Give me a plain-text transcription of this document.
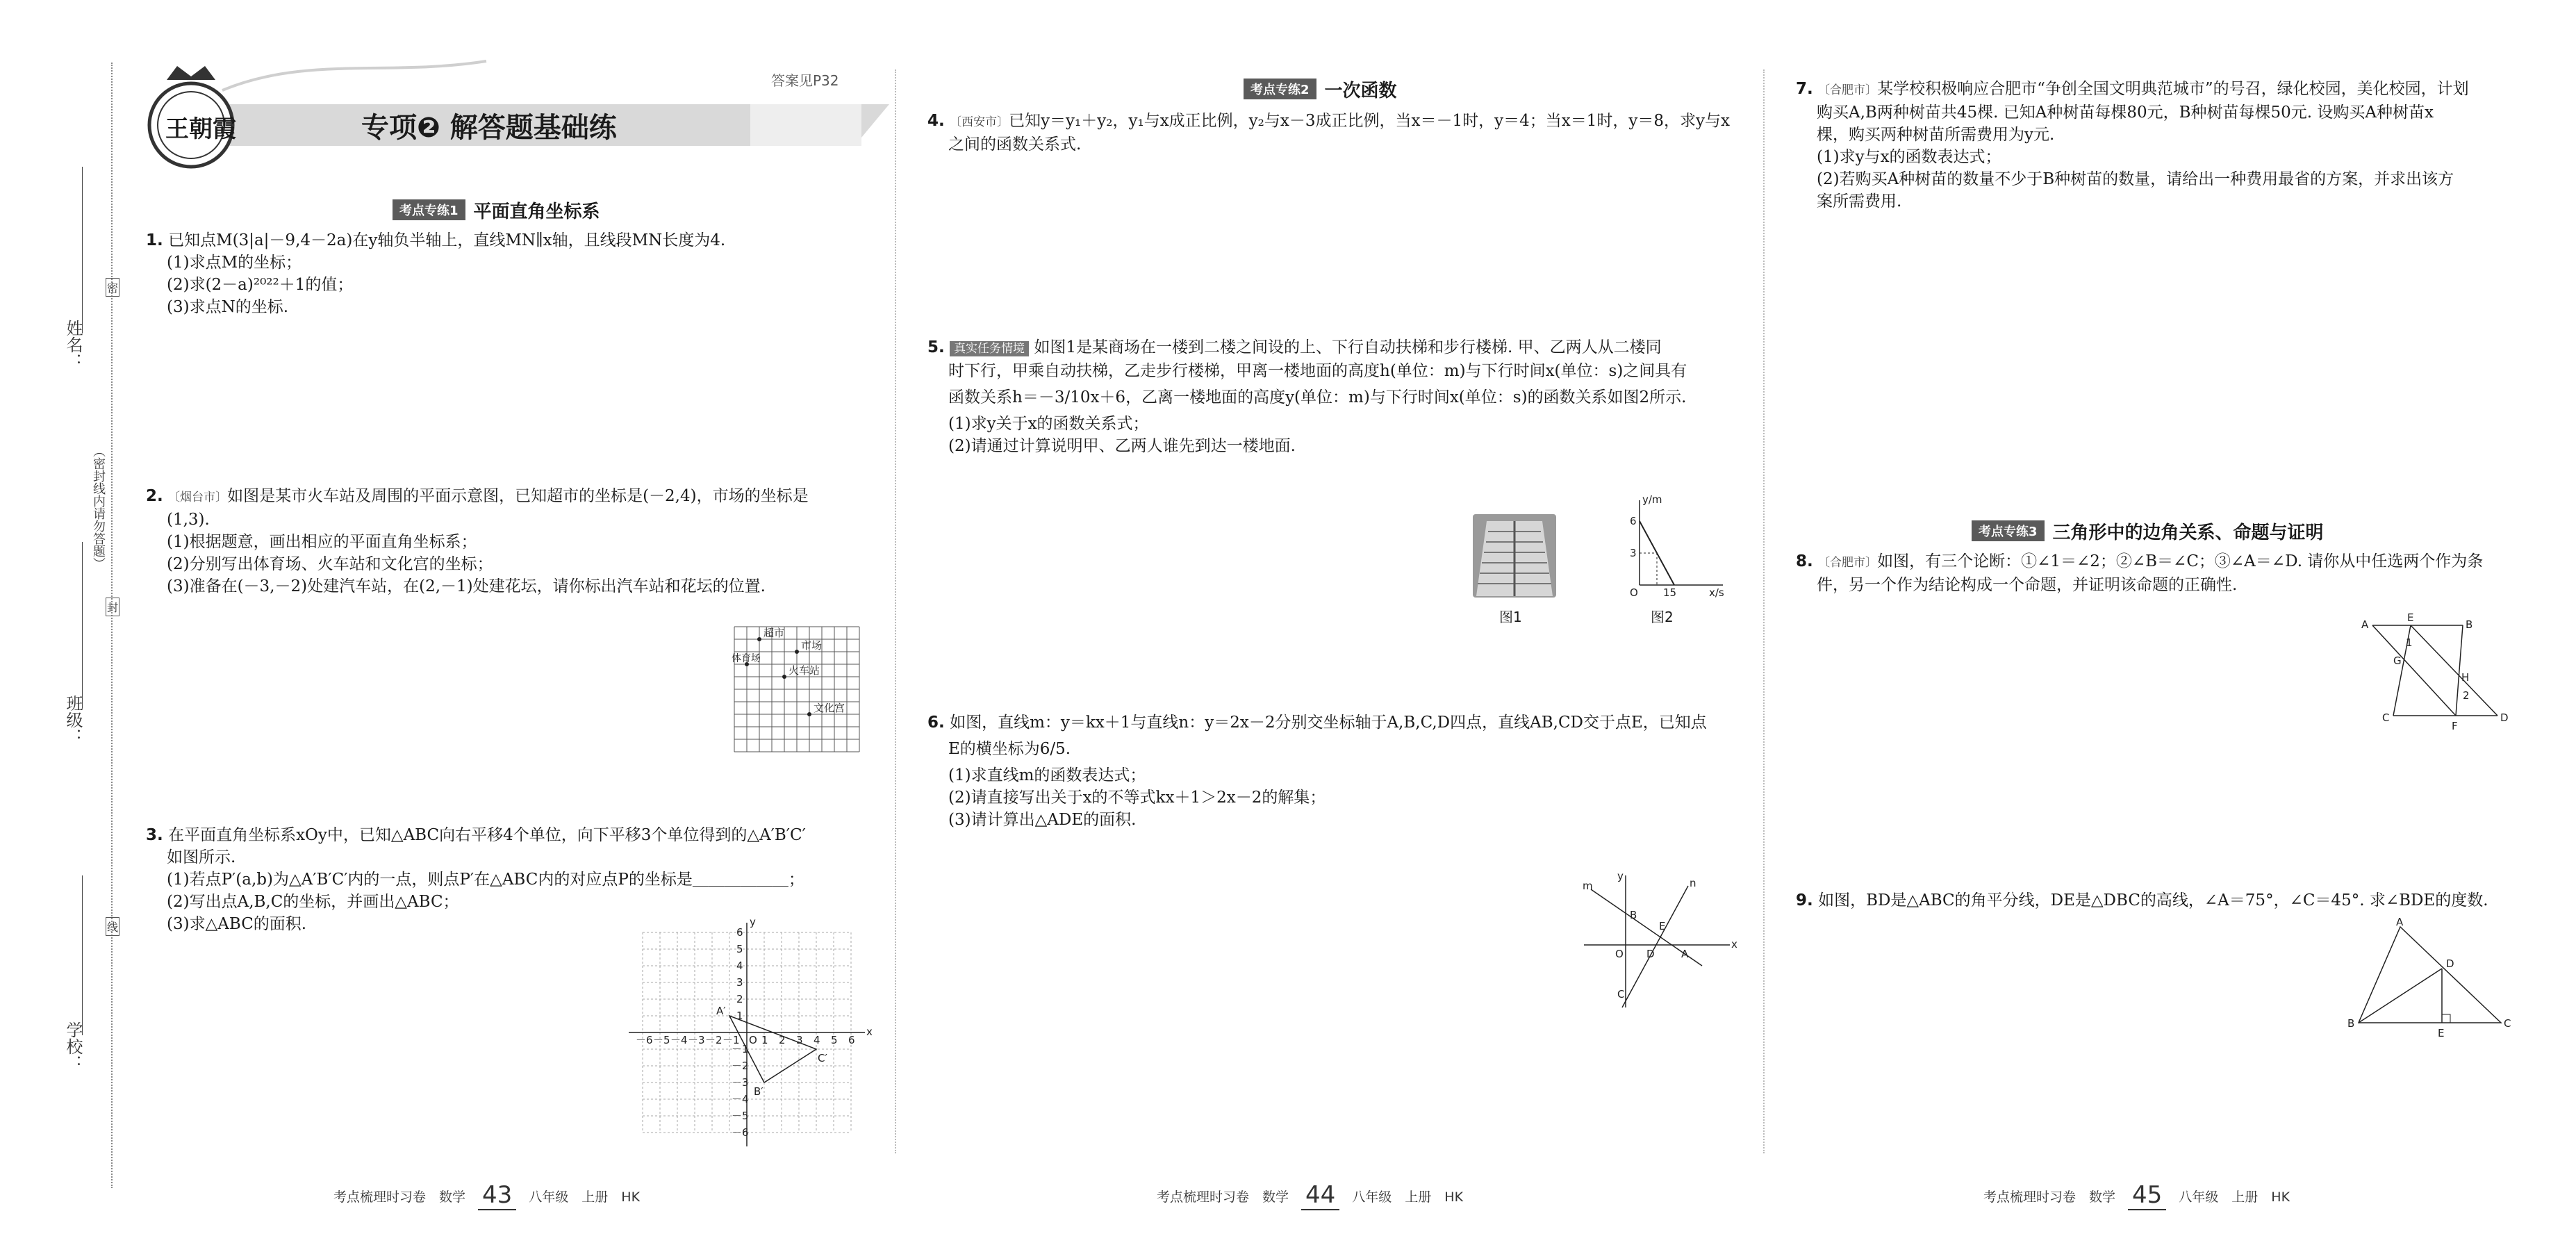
姓名：
班级：
学校：
（密封线内请勿答题）
密
封
线
王朝霞
答案见P32
专项❷ 解答题基础练
考点专练1 平面直角坐标系
1. 已知点M(3|a|－9,4－2a)在y轴负半轴上，直线MN∥x轴，且线段MN长度为4.
(1)求点M的坐标；
(2)求(2－a)²⁰²²＋1的值；
(3)求点N的坐标.
2. 〔烟台市〕如图是某市火车站及周围的平面示意图，已知超市的坐标是(－2,4)，市场的坐标是
(1,3).
(1)根据题意，画出相应的平面直角坐标系；
(2)分别写出体育场、火车站和文化宫的坐标；
(3)准备在(－3,－2)处建汽车站，在(2,－1)处建花坛，请你标出汽车站和花坛的位置.
超市
市场
体育场
火车站
文化宫
3. 在平面直角坐标系xOy中，已知△ABC向右平移4个单位，向下平移3个单位得到的△A′B′C′
如图所示.
(1)若点P′(a,b)为△A′B′C′内的一点，则点P′在△ABC内的对应点P的坐标是＿＿＿＿＿＿；
(2)写出点A,B,C的坐标，并画出△ABC；
(3)求△ABC的面积.
x
y
O
A′
B′
C′
－6 －5 －4 －3 －2 －1 1 2 3 4 5 6
6
5
4
3
2
1
－1
－2
－3
－4
－5
－6
考点梳理时习卷　数学 43	八年级　上册　HK
考点专练2 一次函数
4. 〔西安市〕已知y＝y₁＋y₂，y₁与x成正比例，y₂与x－3成正比例，当x＝－1时，y＝4；当x＝1时，y＝8，求y与x
之间的函数关系式.
5. 真实任务情境 如图1是某商场在一楼到二楼之间设的上、下行自动扶梯和步行楼梯. 甲、乙两人从二楼同
时下行，甲乘自动扶梯，乙走步行楼梯，甲离一楼地面的高度h(单位：m)与下行时间x(单位：s)之间具有
函数关系h＝－3/10x＋6，乙离一楼地面的高度y(单位：m)与下行时间x(单位：s)的函数关系如图2所示.
(1)求y关于x的函数关系式；
(2)请通过计算说明甲、乙两人谁先到达一楼地面.
图1
y/m
x/s
6
3
15
O
图2
6. 如图，直线m：y＝kx＋1与直线n：y＝2x－2分别交坐标轴于A,B,C,D四点，直线AB,CD交于点E，已知点
E的横坐标为6/5.
(1)求直线m的函数表达式；
(2)请直接写出关于x的不等式kx＋1＞2x－2的解集；
(3)请计算出△ADE的面积.
m	n
y
x
B
E
O D	A
C
考点梳理时习卷　数学 44	八年级　上册　HK
7. 〔合肥市〕某学校积极响应合肥市“争创全国文明典范城市”的号召，绿化校园，美化校园，计划
购买A,B两种树苗共45棵. 已知A种树苗每棵80元，B种树苗每棵50元. 设购买A种树苗x
棵，购买两种树苗所需费用为y元.
(1)求y与x的函数表达式；
(2)若购买A种树苗的数量不少于B种树苗的数量，请给出一种费用最省的方案，并求出该方
案所需费用.
考点专练3 三角形中的边角关系、命题与证明
8. 〔合肥市〕如图，有三个论断：①∠1＝∠2；②∠B＝∠C；③∠A＝∠D. 请你从中任选两个作为条
件，另一个作为结论构成一个命题，并证明该命题的正确性.
A
E
B
1
G
H
2
C
F
D
9. 如图，BD是△ABC的角平分线，DE是△DBC的高线，∠A＝75°，∠C＝45°. 求∠BDE的度数.
A
D
B
E
C
考点梳理时习卷　数学 45	八年级　上册　HK
